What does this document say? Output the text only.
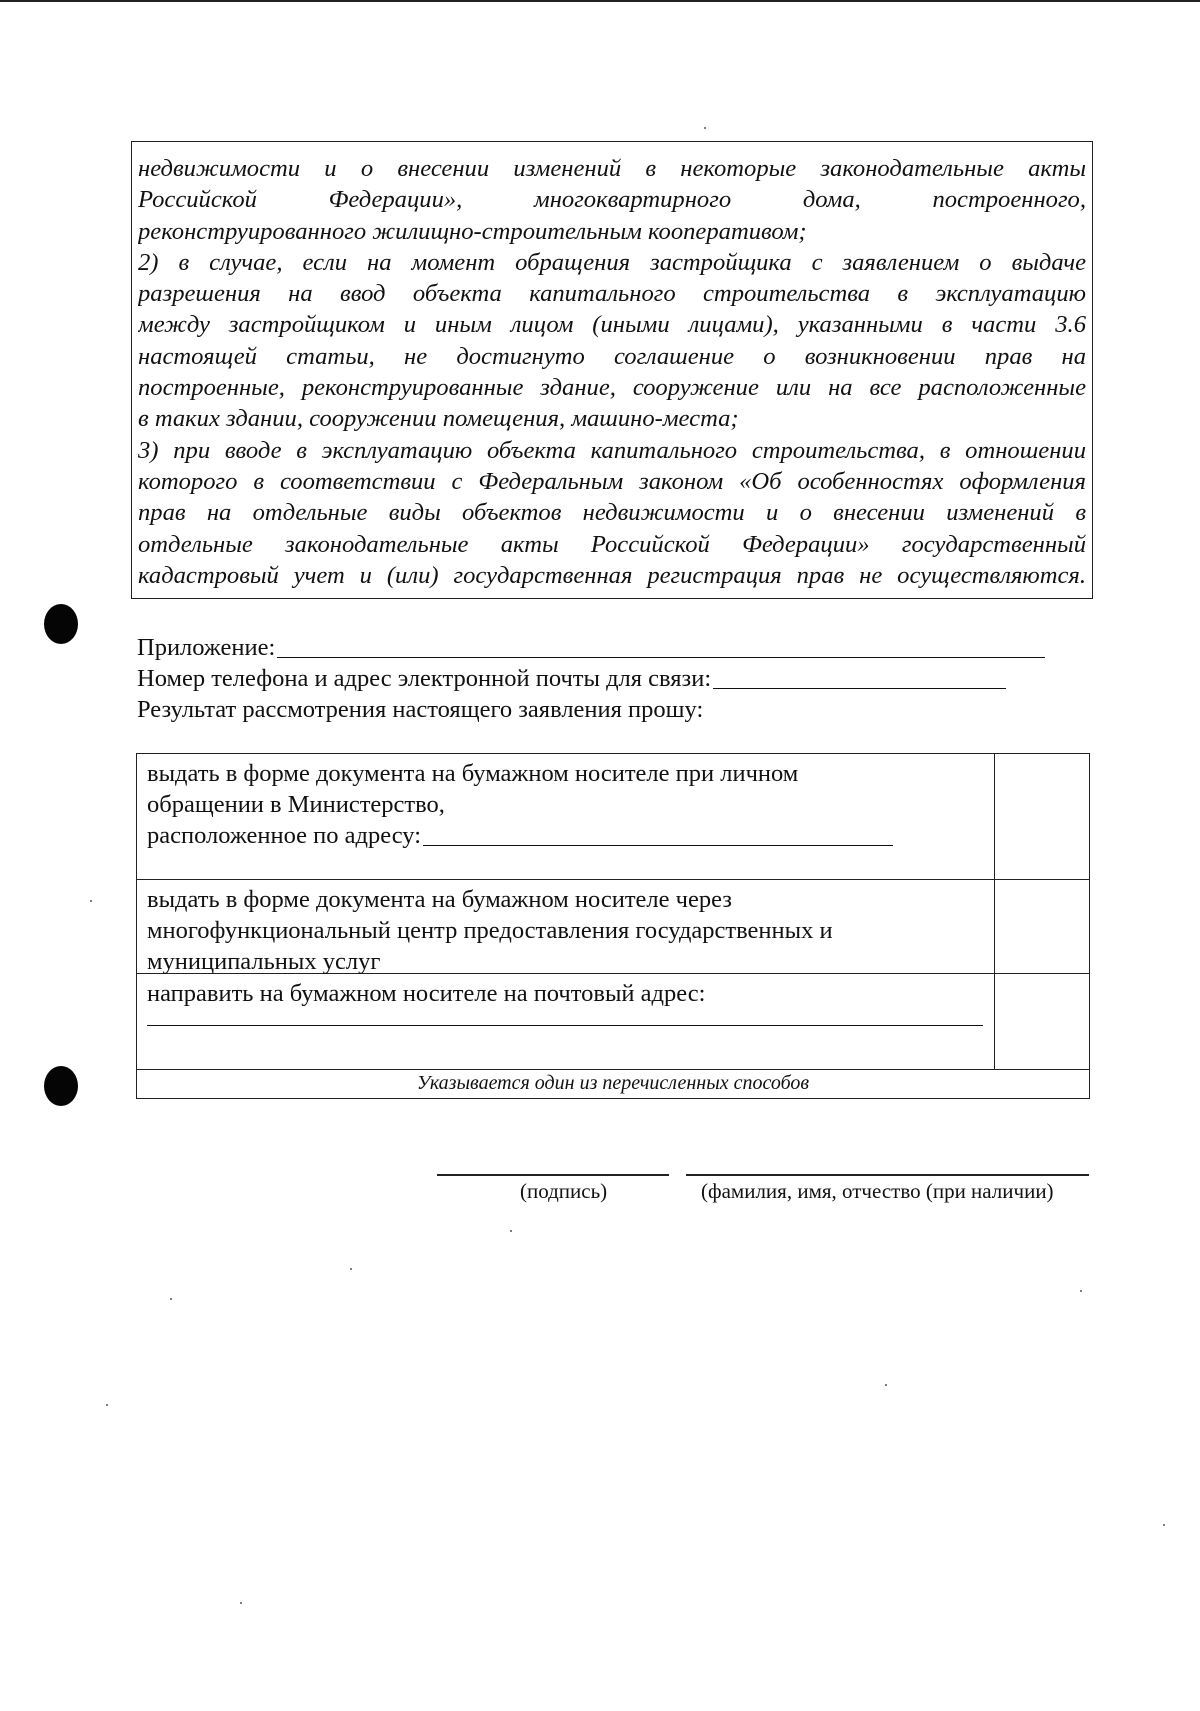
недвижимости и о внесении изменений в некоторые законодательные акты
Российской Федерации», многоквартирного дома, построенного,
реконструированного жилищно-строительным кооперативом;
2) в случае, если на момент обращения застройщика с заявлением о выдаче
разрешения на ввод объекта капитального строительства в эксплуатацию
между застройщиком и иным лицом (иными лицами), указанными в части 3.6
настоящей статьи, не достигнуто соглашение о возникновении прав на
построенные, реконструированные здание, сооружение или на все расположенные
в таких здании, сооружении помещения, машино-места;
3) при вводе в эксплуатацию объекта капитального строительства, в отношении
которого в соответствии с Федеральным законом «Об особенностях оформления
прав на отдельные виды объектов недвижимости и о внесении изменений в
отдельные законодательные акты Российской Федерации» государственный
кадастровый учет и (или) государственная регистрация прав не осуществляются.
Приложение:
Номер телефона и адрес электронной почты для связи:
Результат рассмотрения настоящего заявления прошу:
выдать в форме документа на бумажном носителе при личном
обращении в Министерство,
расположенное по адресу:
выдать в форме документа на бумажном носителе через
многофункциональный центр предоставления государственных и
муниципальных услуг
направить на бумажном носителе на почтовый адрес:
Указывается один из перечисленных способов
(подпись)	(фамилия, имя, отчество (при наличии)
